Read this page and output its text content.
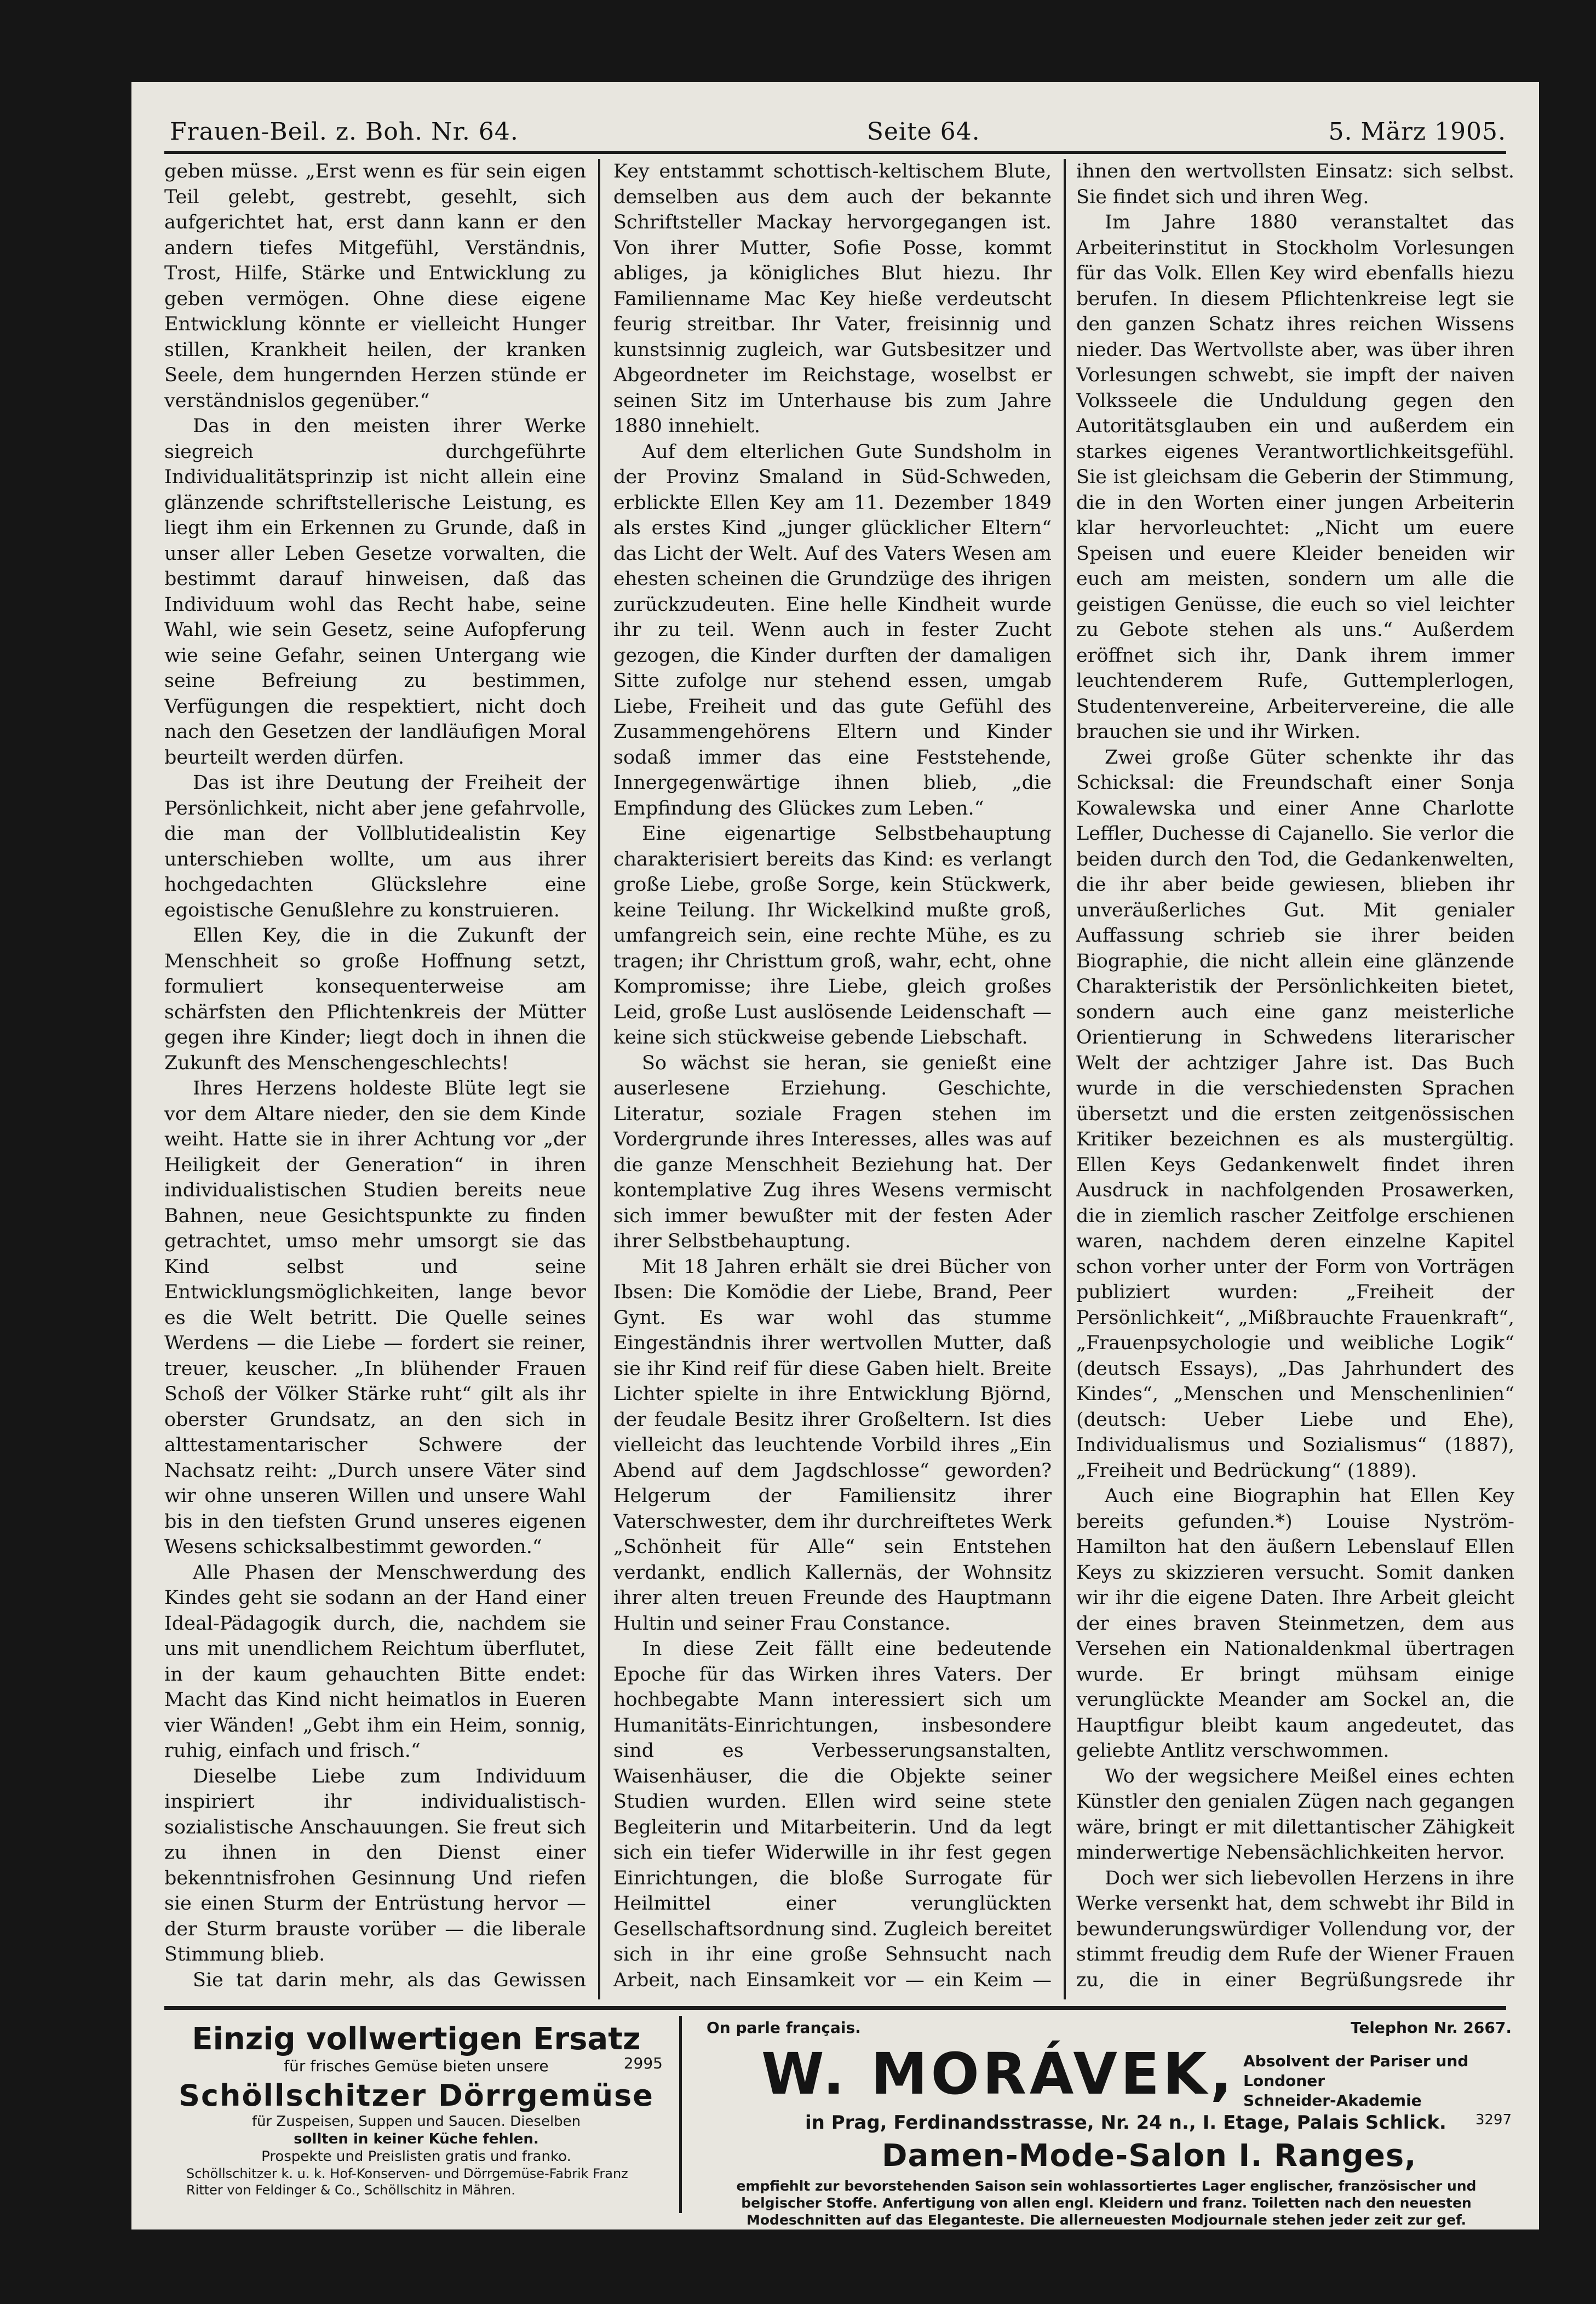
Frauen-Beil. z. Boh. Nr. 64.	Seite 64.	5. März 1905.

geben müsse. „Erst wenn es für sein eigen Teil gelebt, gestrebt, gesehlt, sich aufgerichtet hat, erst dann kann er den andern tiefes Mitgefühl, Verständnis, Trost, Hilfe, Stärke und Entwicklung zu geben vermögen. Ohne diese eigene Entwicklung könnte er vielleicht Hunger stillen, Krankheit heilen, der kranken Seele, dem hungernden Herzen stünde er verständnislos gegenüber.“

Das in den meisten ihrer Werke siegreich durchgeführte Individualitätsprinzip ist nicht allein eine glänzende schriftstellerische Leistung, es liegt ihm ein Erkennen zu Grunde, daß in unser aller Leben Gesetze vorwalten, die bestimmt darauf hinweisen, daß das Individuum wohl das Recht habe, seine Wahl, wie sein Gesetz, seine Aufopferung wie seine Gefahr, seinen Untergang wie seine Befreiung zu bestimmen, Verfügungen die respektiert, nicht doch nach den Gesetzen der landläufigen Moral beurteilt werden dürfen.

Das ist ihre Deutung der Freiheit der Persönlichkeit, nicht aber jene gefahrvolle, die man der Vollblutidealistin Key unterschieben wollte, um aus ihrer hochgedachten Glückslehre eine egoistische Genußlehre zu konstruieren.

Ellen Key, die in die Zukunft der Menschheit so große Hoffnung setzt, formuliert konsequenterweise am schärfsten den Pflichtenkreis der Mütter gegen ihre Kinder; liegt doch in ihnen die Zukunft des Menschengeschlechts!

Ihres Herzens holdeste Blüte legt sie vor dem Altare nieder, den sie dem Kinde weiht. Hatte sie in ihrer Achtung vor „der Heiligkeit der Generation“ in ihren individualistischen Studien bereits neue Bahnen, neue Gesichtspunkte zu finden getrachtet, umso mehr umsorgt sie das Kind selbst und seine Entwicklungsmöglichkeiten, lange bevor es die Welt betritt. Die Quelle seines Werdens — die Liebe — fordert sie reiner, treuer, keuscher. „In blühender Frauen Schoß der Völker Stärke ruht“ gilt als ihr oberster Grundsatz, an den sich in alttestamentarischer Schwere der Nachsatz reiht: „Durch unsere Väter sind wir ohne unseren Willen und unsere Wahl bis in den tiefsten Grund unseres eigenen Wesens schicksalbestimmt geworden.“

Alle Phasen der Menschwerdung des Kindes geht sie sodann an der Hand einer Ideal-Pädagogik durch, die, nachdem sie uns mit unendlichem Reichtum überflutet, in der kaum gehauchten Bitte endet: Macht das Kind nicht heimatlos in Eueren vier Wänden! „Gebt ihm ein Heim, sonnig, ruhig, einfach und frisch.“

Dieselbe Liebe zum Individuum inspiriert ihr individualistisch-sozialistische Anschauungen. Sie freut sich zu ihnen in den Dienst einer bekenntnisfrohen Gesinnung Und riefen sie einen Sturm der Entrüstung hervor — der Sturm brauste vorüber — die liberale Stimmung blieb.

Sie tat darin mehr, als das Gewissen

Key entstammt schottisch-keltischem Blute, demselben aus dem auch der bekannte Schriftsteller Mackay hervorgegangen ist. Von ihrer Mutter, Sofie Posse, kommt abliges, ja königliches Blut hiezu. Ihr Familienname Mac Key hieße verdeutscht feurig streitbar. Ihr Vater, freisinnig und kunstsinnig zugleich, war Gutsbesitzer und Abgeordneter im Reichstage, woselbst er seinen Sitz im Unterhause bis zum Jahre 1880 innehielt.

Auf dem elterlichen Gute Sundsholm in der Provinz Smaland in Süd-Schweden, erblickte Ellen Key am 11. Dezember 1849 als erstes Kind „junger glücklicher Eltern“ das Licht der Welt. Auf des Vaters Wesen am ehesten scheinen die Grundzüge des ihrigen zurückzudeuten. Eine helle Kindheit wurde ihr zu teil. Wenn auch in fester Zucht gezogen, die Kinder durften der damaligen Sitte zufolge nur stehend essen, umgab Liebe, Freiheit und das gute Gefühl des Zusammengehörens Eltern und Kinder sodaß immer das eine Feststehende, Innergegenwärtige ihnen blieb, „die Empfindung des Glückes zum Leben.“

Eine eigenartige Selbstbehauptung charakterisiert bereits das Kind: es verlangt große Liebe, große Sorge, kein Stückwerk, keine Teilung. Ihr Wickelkind mußte groß, umfangreich sein, eine rechte Mühe, es zu tragen; ihr Christtum groß, wahr, echt, ohne Kompromisse; ihre Liebe, gleich großes Leid, große Lust auslösende Leidenschaft — keine sich stückweise gebende Liebschaft.

So wächst sie heran, sie genießt eine auserlesene Erziehung. Geschichte, Literatur, soziale Fragen stehen im Vordergrunde ihres Interesses, alles was auf die ganze Menschheit Beziehung hat. Der kontemplative Zug ihres Wesens vermischt sich immer bewußter mit der festen Ader ihrer Selbstbehauptung.

Mit 18 Jahren erhält sie drei Bücher von Ibsen: Die Komödie der Liebe, Brand, Peer Gynt. Es war wohl das stumme Eingeständnis ihrer wertvollen Mutter, daß sie ihr Kind reif für diese Gaben hielt. Breite Lichter spielte in ihre Entwicklung Björnd, der feudale Besitz ihrer Großeltern. Ist dies vielleicht das leuchtende Vorbild ihres „Ein Abend auf dem Jagdschlosse“ geworden? Helgerum der Familiensitz ihrer Vaterschwester, dem ihr durchreiftetes Werk „Schönheit für Alle“ sein Entstehen verdankt, endlich Kallernäs, der Wohnsitz ihrer alten treuen Freunde des Hauptmann Hultin und seiner Frau Constance.

In diese Zeit fällt eine bedeutende Epoche für das Wirken ihres Vaters. Der hochbegabte Mann interessiert sich um Humanitäts-Einrichtungen, insbesondere sind es Verbesserungsanstalten, Waisenhäuser, die die Objekte seiner Studien wurden. Ellen wird seine stete Begleiterin und Mitarbeiterin. Und da legt sich ein tiefer Widerwille in ihr fest gegen Einrichtungen, die bloße Surrogate für Heilmittel einer verunglückten Gesellschaftsordnung sind. Zugleich bereitet sich in ihr eine große Sehnsucht nach Arbeit, nach Einsamkeit vor — ein Keim —

ihnen den wertvollsten Einsatz: sich selbst. Sie findet sich und ihren Weg.

Im Jahre 1880 veranstaltet das Arbeiterinstitut in Stockholm Vorlesungen für das Volk. Ellen Key wird ebenfalls hiezu berufen. In diesem Pflichtenkreise legt sie den ganzen Schatz ihres reichen Wissens nieder. Das Wertvollste aber, was über ihren Vorlesungen schwebt, sie impft der naiven Volksseele die Unduldung gegen den Autoritätsglauben ein und außerdem ein starkes eigenes Verantwortlichkeitsgefühl. Sie ist gleichsam die Geberin der Stimmung, die in den Worten einer jungen Arbeiterin klar hervorleuchtet: „Nicht um euere Speisen und euere Kleider beneiden wir euch am meisten, sondern um alle die geistigen Genüsse, die euch so viel leichter zu Gebote stehen als uns.“ Außerdem eröffnet sich ihr, Dank ihrem immer leuchtenderem Rufe, Guttemplerlogen, Studentenvereine, Arbeitervereine, die alle brauchen sie und ihr Wirken.

Zwei große Güter schenkte ihr das Schicksal: die Freundschaft einer Sonja Kowalewska und einer Anne Charlotte Leffler, Duchesse di Cajanello. Sie verlor die beiden durch den Tod, die Gedankenwelten, die ihr aber beide gewiesen, blieben ihr unveräußerliches Gut. Mit genialer Auffassung schrieb sie ihrer beiden Biographie, die nicht allein eine glänzende Charakteristik der Persönlichkeiten bietet, sondern auch eine ganz meisterliche Orientierung in Schwedens literarischer Welt der achtziger Jahre ist. Das Buch wurde in die verschiedensten Sprachen übersetzt und die ersten zeitgenössischen Kritiker bezeichnen es als mustergültig. Ellen Keys Gedankenwelt findet ihren Ausdruck in nachfolgenden Prosawerken, die in ziemlich rascher Zeitfolge erschienen waren, nachdem deren einzelne Kapitel schon vorher unter der Form von Vorträgen publiziert wurden: „Freiheit der Persönlichkeit“, „Mißbrauchte Frauenkraft“, „Frauenpsychologie und weibliche Logik“ (deutsch Essays), „Das Jahrhundert des Kindes“, „Menschen und Menschenlinien“ (deutsch: Ueber Liebe und Ehe), Individualismus und Sozialismus“ (1887), „Freiheit und Bedrückung“ (1889).

Auch eine Biographin hat Ellen Key bereits gefunden.*) Louise Nyström-Hamilton hat den äußern Lebenslauf Ellen Keys zu skizzieren versucht. Somit danken wir ihr die eigene Daten. Ihre Arbeit gleicht der eines braven Steinmetzen, dem aus Versehen ein Nationaldenkmal übertragen wurde. Er bringt mühsam einige verunglückte Meander am Sockel an, die Hauptfigur bleibt kaum angedeutet, das geliebte Antlitz verschwommen.

Wo der wegsichere Meißel eines echten Künstler den genialen Zügen nach gegangen wäre, bringt er mit dilettantischer Zähigkeit minderwertige Nebensächlichkeiten hervor.

Doch wer sich liebevollen Herzens in ihre Werke versenkt hat, dem schwebt ihr Bild in bewunderungswürdiger Vollendung vor, der stimmt freudig dem Rufe der Wiener Frauen zu, die in einer Begrüßungsrede ihr

Einzig vollwertigen Ersatz
für frisches Gemüse bieten unsere	2995
Schöllschitzer Dörrgemüse
für Zuspeisen, Suppen und Saucen. Dieselben
sollten in keiner Küche fehlen.
Prospekte und Preislisten gratis und franko.
Schöllschitzer k. u. k. Hof-Konserven- und Dörrgemüse-Fabrik Franz Ritter von Feldinger & Co., Schöllschitz in Mähren.
On parle français.	Telephon Nr. 2667.
W. MORÁVEK, Absolvent der Pariser und Londoner
Schneider-Akademie
in Prag, Ferdinandsstrasse, Nr. 24 n., I. Etage, Palais Schlick. 3297
Damen-Mode-Salon I. Ranges,
empfiehlt zur bevorstehenden Saison sein wohlassortiertes Lager englischer, französischer und belgischer Stoffe. Anfertigung von allen engl. Kleidern und franz. Toiletten nach den neuesten Modeschnitten auf das Eleganteste. Die allerneuesten Modjournale stehen jeder zeit zur gef.
